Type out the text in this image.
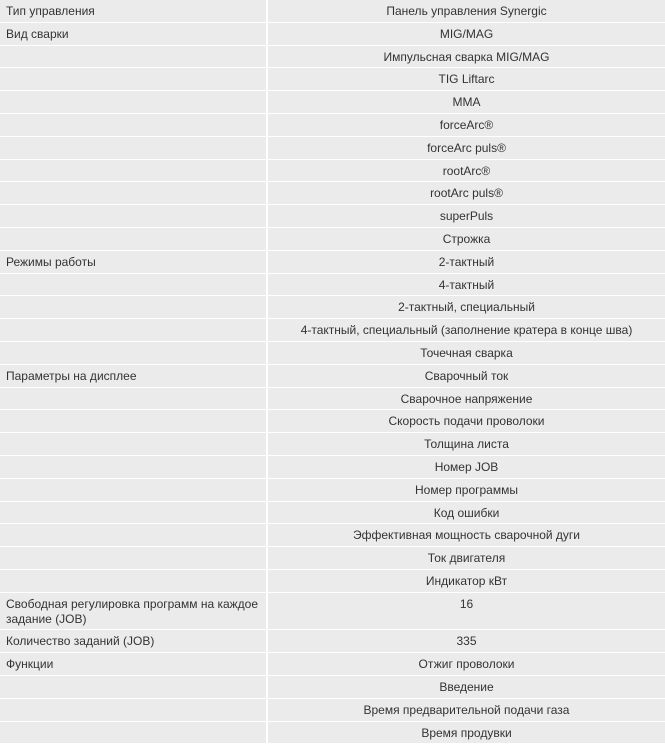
Тип управления	Панель управления Synergic
Вид сварки	MIG/MAG
	Импульсная сварка MIG/MAG
	TIG Liftarc
	MMA
	forceArc®
	forceArc puls®
	rootArc®
	rootArc puls®
	superPuls
	Строжка
Режимы работы	2-тактный
	4-тактный
	2-тактный, специальный
	4-тактный, специальный (заполнение кратера в конце шва)
	Точечная сварка
Параметры на дисплее	Сварочный ток
	Сварочное напряжение
	Скорость подачи проволоки
	Толщина листа
	Номер JOB
	Номер программы
	Код ошибки
	Эффективная мощность сварочной дуги
	Ток двигателя
	Индикатор кВт
Свободная регулировка программ на каждое задание (JOB)	16
Количество заданий (JOB)	335
Функции	Отжиг проволоки
	Введение
	Время предварительной подачи газа
	Время продувки
